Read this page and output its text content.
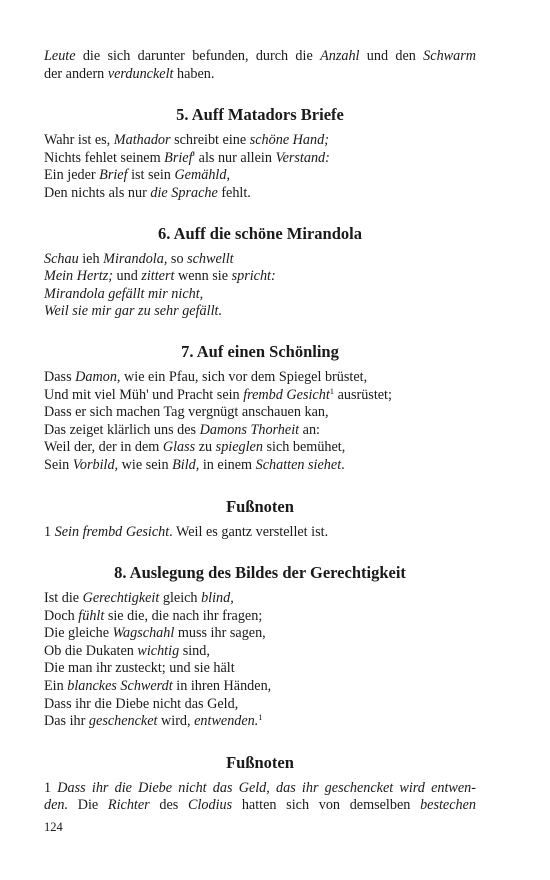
Leute die sich darunter befunden, durch die Anzahl und den Schwarm
der andern verdunckelt haben.
5. Auff Matadors Briefe
Wahr ist es, Mathador schreibt eine schöne Hand;
Nichts fehlet seinem Brief' als nur allein Verstand:
Ein jeder Brief ist sein Gemähld,
Den nichts als nur die Sprache fehlt.
6. Auff die schöne Mirandola
Schau ieh Mirandola, so schwellt
Mein Hertz; und zittert wenn sie spricht:
Mirandola gefällt mir nicht,
Weil sie mir gar zu sehr gefällt.
7. Auf einen Schönling
Dass Damon, wie ein Pfau, sich vor dem Spiegel brüstet,
Und mit viel Müh' und Pracht sein frembd Gesicht$^1$ ausrüstet;
Dass er sich machen Tag vergnügt anschauen kan,
Das zeiget klärlich uns des Damons Thorheit an:
Weil der, der in dem Glass zu spieglen sich bemühet,
Sein Vorbild, wie sein Bild, in einem Schatten siehet.
Fußnoten
1 Sein frembd Gesicht. Weil es gantz verstellet ist.
8. Auslegung des Bildes der Gerechtigkeit
Ist die Gerechtigkeit gleich blind,
Doch fühlt sie die, die nach ihr fragen;
Die gleiche Wagschahl muss ihr sagen,
Ob die Dukaten wichtig sind,
Die man ihr zusteckt; und sie hält
Ein blanckes Schwerdt in ihren Händen,
Dass ihr die Diebe nicht das Geld,
Das ihr geschencket wird, entwenden.$^1$
Fußnoten
1 Dass ihr die Diebe nicht das Geld, das ihr geschencket wird entwen-
den. Die Richter des Clodius hatten sich von demselben bestechen
124
